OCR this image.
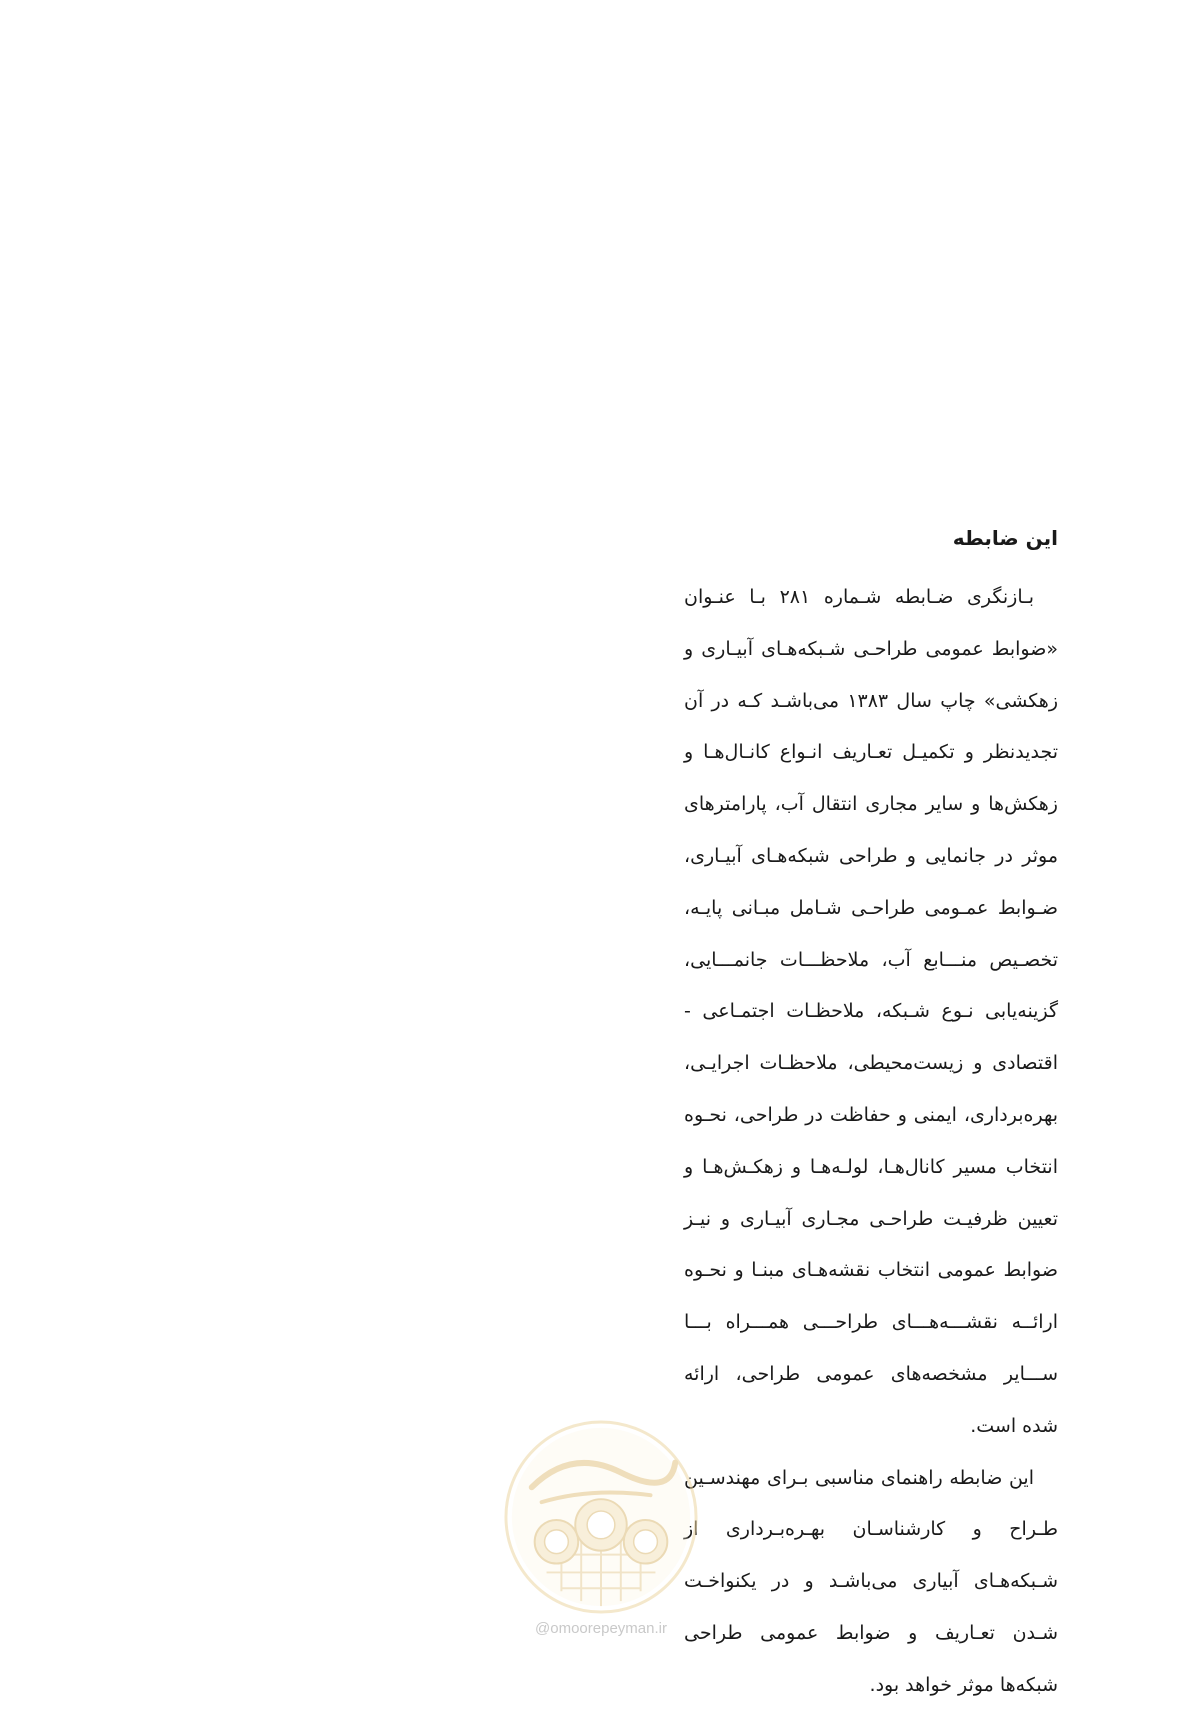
این ضابطه

بـازنگری ضـابطه شـماره ۲۸۱ بـا عنـوان «ضوابط عمومی طراحـی شـبکه‌هـای آبیـاری و زهکشی» چاپ سال ۱۳۸۳ می‌باشـد کـه در آن تجدیدنظر و تکمیـل تعـاریف انـواع کانـال‌هـا و زهکش‌ها و سایر مجاری انتقال آب، پارامترهای موثر در جانمایی و طراحی شبکه‌هـای آبیـاری، ضـوابط عمـومی طراحـی شـامل مبـانی پایـه، تخصـیص منـــابع آب، ملاحظـــات جانمـــایی، گزینه‌یابی نـوع شـبکه، ملاحظـات اجتمـاعی - اقتصادی و زیست‌محیطی، ملاحظـات اجرایـی، بهره‌برداری، ایمنی و حفاظت در طراحی، نحـوه انتخاب مسیر کانال‌هـا، لولـه‌هـا و زهکـش‌هـا و تعیین ظرفیـت طراحـی مجـاری آبیـاری و نیـز ضوابط عمومی انتخاب نقشه‌هـای مبنـا و نحـوه ارائــه نقشـــه‌هـــای طراحـــی همـــراه بـــا ســـایر مشخصه‌های عمومی طراحی، ارائه شده است.

این ضابطه راهنمای مناسبی بـرای مهندسـین طـراح و کارشناسـان بهـره‌بـرداری از شـبکه‌هـای آبیاری می‌باشـد و در یکنواخـت شـدن تعـاریف و ضوابط عمومی طراحی شبکه‌ها موثر خواهد بود.

@omoorepeyman.ir
